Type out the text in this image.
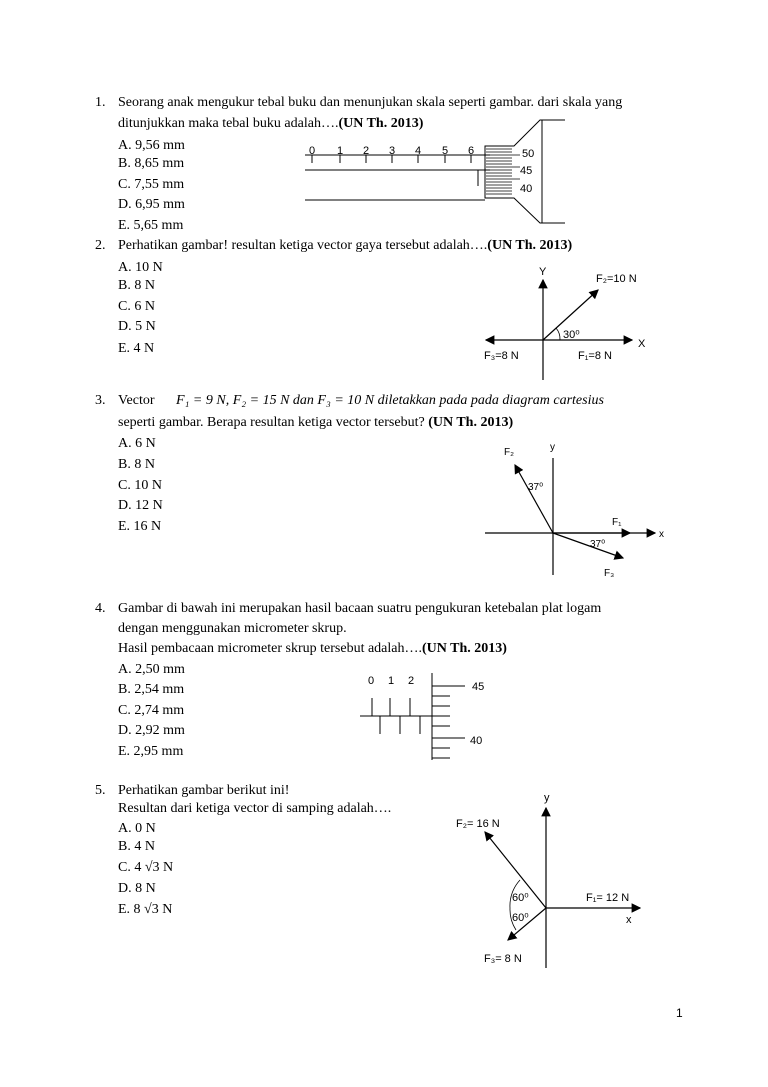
1. Seorang anak mengukur tebal buku dan menunjukan skala seperti gambar. dari skala yang
ditunjukkan maka tebal buku adalah….(UN Th. 2013)
A. 9,56 mm
B. 8,65 mm
C. 7,55 mm
D. 6,95 mm
E. 5,65 mm
0 1 2 3 4 5 6	50
45
40
2. Perhatikan gambar! resultan ketiga vector gaya tersebut adalah….(UN Th. 2013)
A. 10 N
B. 8 N
C. 6 N
D. 5 N
E. 4 N
Y
X
F₂=10 N
30⁰
F₃=8 N	F₁=8 N
3. Vector F₁ = 9 N, F₂ = 15 N dan F₃ = 10 N diletakkan pada pada diagram cartesius
seperti gambar. Berapa resultan ketiga vector tersebut? (UN Th. 2013)
A. 6 N
B. 8 N
C. 10 N
D. 12 N
E. 16 N
F₂	y
37⁰
F₁
37⁰
x
F₃
4. Gambar di bawah ini merupakan hasil bacaan suatru pengukuran ketebalan plat logam
dengan menggunakan micrometer skrup.
Hasil pembacaan micrometer skrup tersebut adalah….(UN Th. 2013)
A. 2,50 mm
B. 2,54 mm
C. 2,74 mm
D. 2,92 mm
E. 2,95 mm
0 1 2	45
40
5. Perhatikan gambar berikut ini!
Resultan dari ketiga vector di samping adalah….
A. 0 N
B. 4 N
C. 4 √3 N
D. 8 N
E. 8 √3 N
y
F₂= 16 N
60⁰	F₁= 12 N
60⁰	x
F₃= 8 N
1
